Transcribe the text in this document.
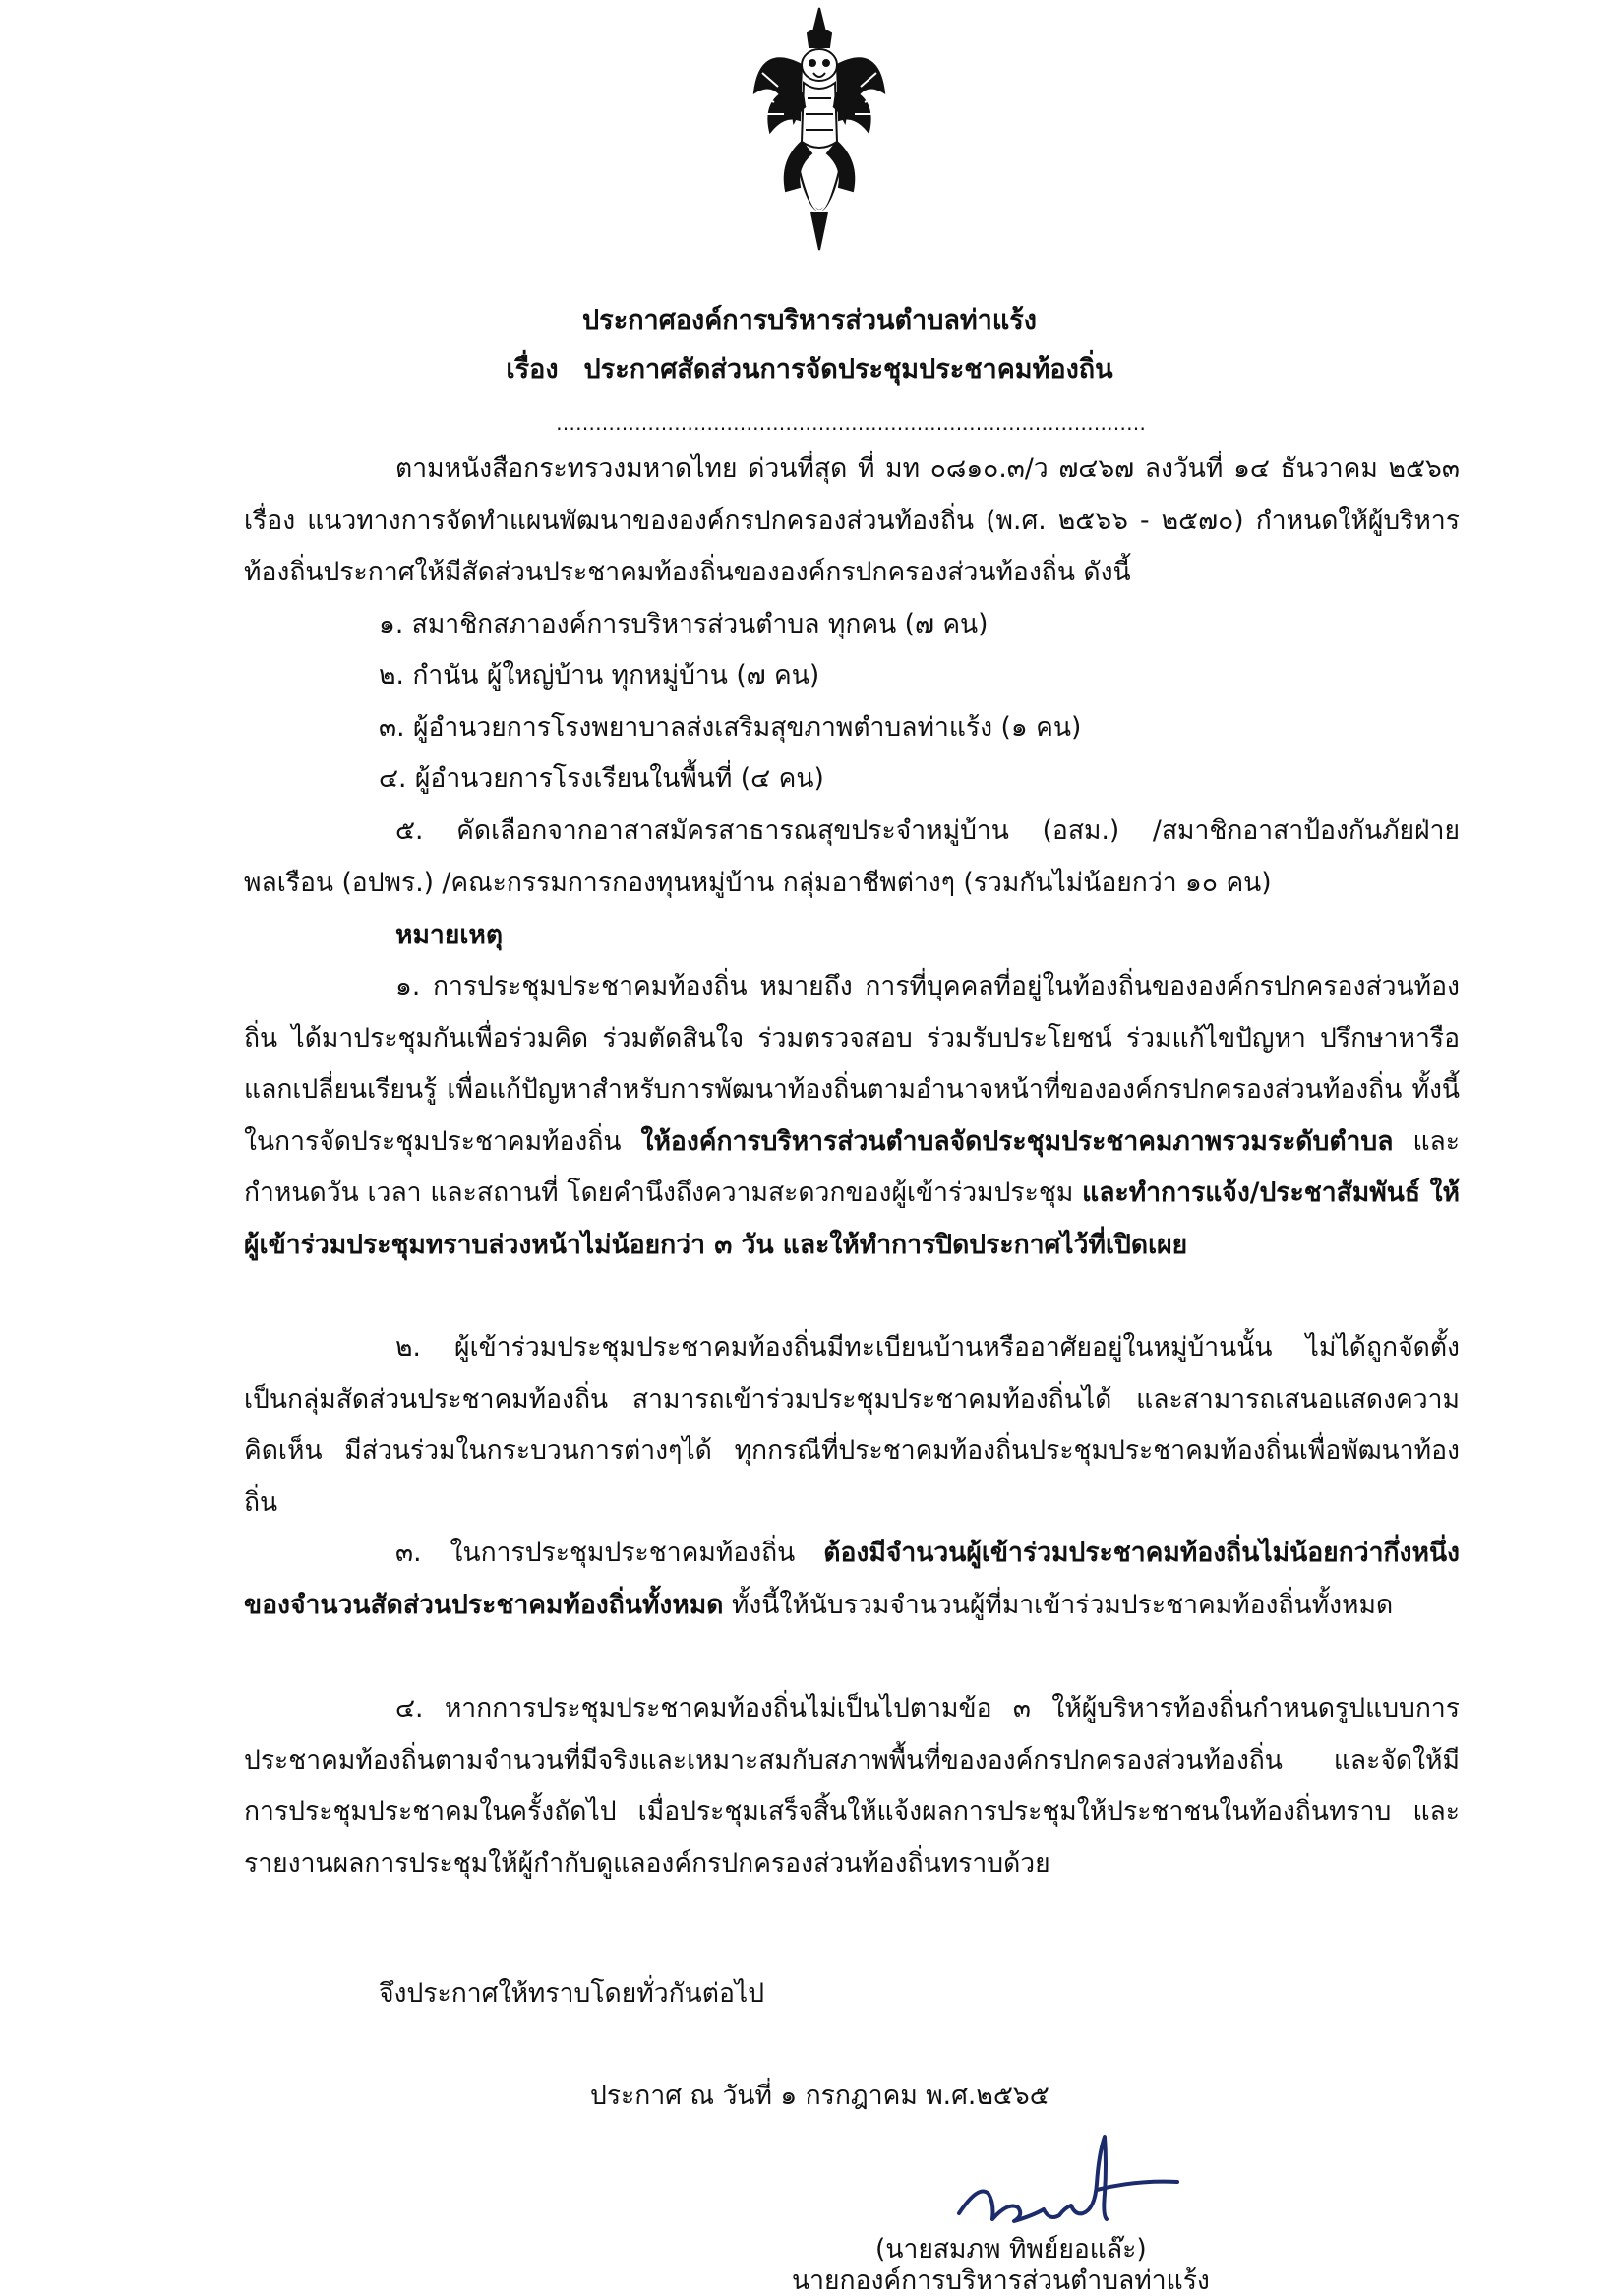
ประกาศองค์การบริหารส่วนตำบลท่าแร้ง
เรื่อง ประกาศสัดส่วนการจัดประชุมประชาคมท้องถิ่น
………………………………………………………………………………
ตามหนังสือกระทรวงมหาดไทย ด่วนที่สุด ที่ มท ๐๘๑๐.๓/ว ๗๔๖๗ ลงวันที่ ๑๔ ธันวาคม ๒๕๖๓ เรื่อง แนวทางการจัดทำแผนพัฒนาขององค์กรปกครองส่วนท้องถิ่น (พ.ศ. ๒๕๖๖ - ๒๕๗๐) กำหนดให้ผู้บริหารท้องถิ่นประกาศให้มีสัดส่วนประชาคมท้องถิ่นขององค์กรปกครองส่วนท้องถิ่น ดังนี้
๑. สมาชิกสภาองค์การบริหารส่วนตำบล ทุกคน (๗ คน)
๒. กำนัน ผู้ใหญ่บ้าน ทุกหมู่บ้าน (๗ คน)
๓. ผู้อำนวยการโรงพยาบาลส่งเสริมสุขภาพตำบลท่าแร้ง (๑ คน)
๔. ผู้อำนวยการโรงเรียนในพื้นที่ (๔ คน)
๕. คัดเลือกจากอาสาสมัครสาธารณสุขประจำหมู่บ้าน (อสม.) /สมาชิกอาสาป้องกันภัยฝ่ายพลเรือน (อปพร.) /คณะกรรมการกองทุนหมู่บ้าน กลุ่มอาชีพต่างๆ (รวมกันไม่น้อยกว่า ๑๐ คน)
หมายเหตุ
๑. การประชุมประชาคมท้องถิ่น หมายถึง การที่บุคคลที่อยู่ในท้องถิ่นขององค์กรปกครองส่วนท้องถิ่น ได้มาประชุมกันเพื่อร่วมคิด ร่วมตัดสินใจ ร่วมตรวจสอบ ร่วมรับประโยชน์ ร่วมแก้ไขปัญหา ปรึกษาหารือแลกเปลี่ยนเรียนรู้ เพื่อแก้ปัญหาสำหรับการพัฒนาท้องถิ่นตามอำนาจหน้าที่ขององค์กรปกครองส่วนท้องถิ่น ทั้งนี้ในการจัดประชุมประชาคมท้องถิ่น ให้องค์การบริหารส่วนตำบลจัดประชุมประชาคมภาพรวมระดับตำบล และกำหนดวัน เวลา และสถานที่ โดยคำนึงถึงความสะดวกของผู้เข้าร่วมประชุม และทำการแจ้ง/ประชาสัมพันธ์ ให้ผู้เข้าร่วมประชุมทราบล่วงหน้าไม่น้อยกว่า ๓ วัน และให้ทำการปิดประกาศไว้ที่เปิดเผย
๒. ผู้เข้าร่วมประชุมประชาคมท้องถิ่นมีทะเบียนบ้านหรืออาศัยอยู่ในหมู่บ้านนั้น ไม่ได้ถูกจัดตั้งเป็นกลุ่มสัดส่วนประชาคมท้องถิ่น สามารถเข้าร่วมประชุมประชาคมท้องถิ่นได้ และสามารถเสนอแสดงความคิดเห็น มีส่วนร่วมในกระบวนการต่างๆได้ ทุกกรณีที่ประชาคมท้องถิ่นประชุมประชาคมท้องถิ่นเพื่อพัฒนาท้องถิ่น
๓. ในการประชุมประชาคมท้องถิ่น ต้องมีจำนวนผู้เข้าร่วมประชาคมท้องถิ่นไม่น้อยกว่ากึ่งหนึ่งของจำนวนสัดส่วนประชาคมท้องถิ่นทั้งหมด ทั้งนี้ให้นับรวมจำนวนผู้ที่มาเข้าร่วมประชาคมท้องถิ่นทั้งหมด
๔. หากการประชุมประชาคมท้องถิ่นไม่เป็นไปตามข้อ ๓ ให้ผู้บริหารท้องถิ่นกำหนดรูปแบบการประชาคมท้องถิ่นตามจำนวนที่มีจริงและเหมาะสมกับสภาพพื้นที่ขององค์กรปกครองส่วนท้องถิ่น และจัดให้มีการประชุมประชาคมในครั้งถัดไป เมื่อประชุมเสร็จสิ้นให้แจ้งผลการประชุมให้ประชาชนในท้องถิ่นทราบ และรายงานผลการประชุมให้ผู้กำกับดูแลองค์กรปกครองส่วนท้องถิ่นทราบด้วย
จึงประกาศให้ทราบโดยทั่วกันต่อไป
ประกาศ ณ วันที่ ๑ กรกฎาคม พ.ศ.๒๕๖๕
(นายสมภพ ทิพย์ยอแล๊ะ)
นายกองค์การบริหารส่วนตำบลท่าแร้ง
